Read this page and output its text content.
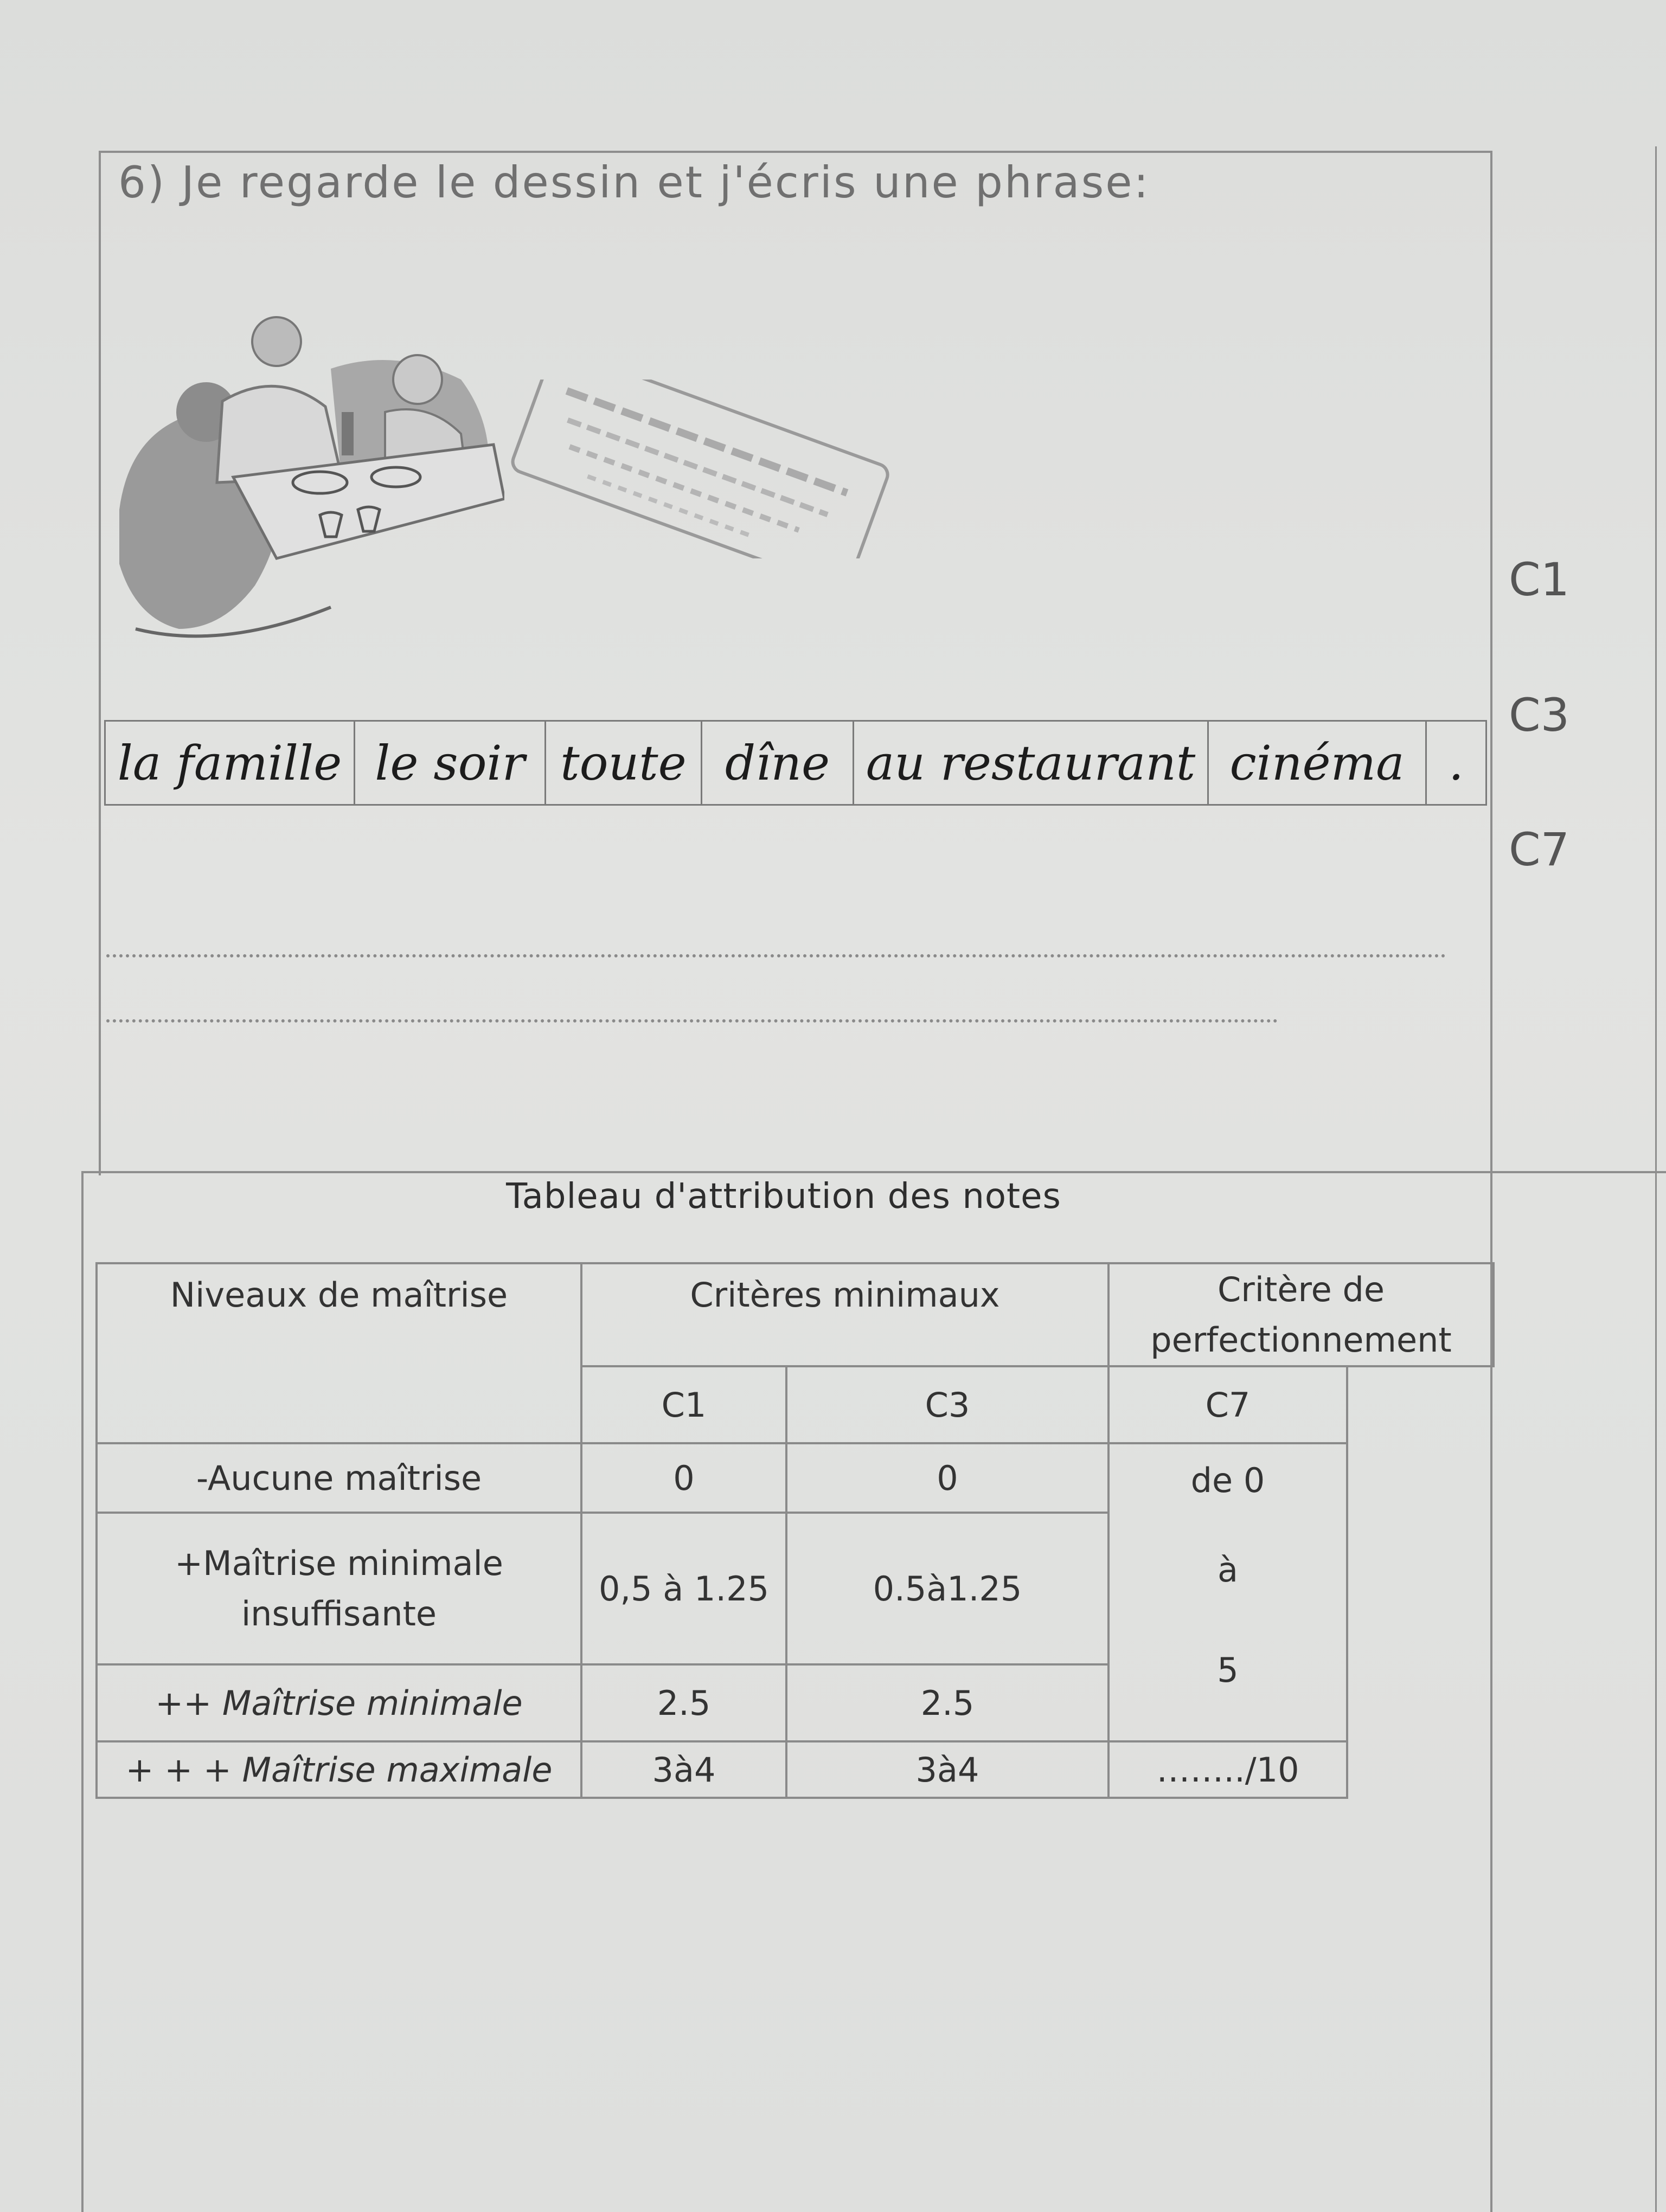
6) Je regarde le dessin et j'écris une phrase:
C1
C3
C7
la famille le soir toute dîne au restaurant cinéma .
Tableau d'attribution des notes
Niveaux de maîtrise	Critères minimaux		Critère de perfectionnement	
	C1	C3	C7	
-Aucune maîtrise	0	0	de 0
à
5	

+Maîtrise minimale insuffisante	0,5 à 1.25	0.5à1.25		
++ Maîtrise minimale	2.5	2.5		
+ + + Maîtrise maximale	3à4	3à4	……../10	
